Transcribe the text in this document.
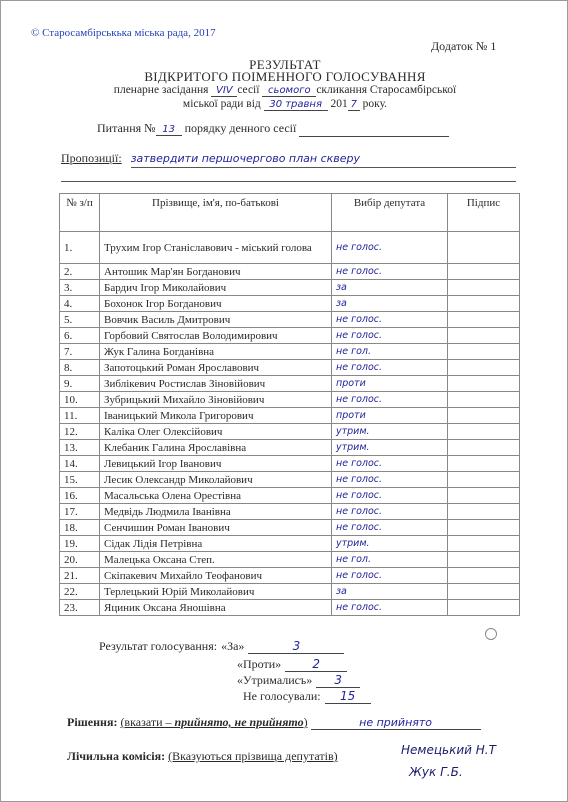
© Старосамбірськька міська рада, 2017
Додаток № 1
РЕЗУЛЬТАТ
ВІДКРИТОГО ПОІМЕННОГО ГОЛОСУВАННЯ
пленарне засідання VIV сесії сьомого скликання Старосамбірської
міської ради від 30 травня 201 7 року.
Питання № 13 порядку денного сесії
Пропозиції: затвердити першочергово план скверу
№ з/п	Прізвище, ім'я, по-батькові	Вибір депутата	Підпис
1.	Трухим Ігор Станіславович - міський голова	не голос.	
2.	Антошик Мар'ян Богданович	не голос.	
3.	Бардич Ігор Миколайович	за	
4.	Бохонок Ігор Богданович	за	
5.	Вовчик Василь Дмитрович	не голос.	
6.	Горбовий Святослав Володимирович	не голос.	
7.	Жук Галина Богданівна	не гол.	
8.	Запотоцький Роман Ярославович	не голос.	
9.	Зиблікевич Ростислав Зіновійович	проти	
10.	Зубрицький Михайло Зіновійович	не голос.	
11.	Іваницький Микола Григорович	проти	
12.	Каліка Олег Олексійович	утрим.	
13.	Клебаник Галина Ярославівна	утрим.	
14.	Левицький Ігор Іванович	не голос.	
15.	Лесик Олександр Миколайович	не голос.	
16.	Масальська Олена Орестівна	не голос.	
17.	Медвідь Людмила Іванівна	не голос.	
18.	Сенчишин Роман Іванович	не голос.	
19.	Сідак Лідія Петрівна	утрим.	
20.	Малецька Оксана Степ.	не гол.	
21.	Скіпакевич Михайло Теофанович	не голос.	
22.	Терлецький Юрій Миколайович	за	
23.	Яциник Оксана Яношівна	не голос.	
Результат голосування: «За»	3
«Проти»	2
«Утрималисъ» 3
Не голосували: 15
Рішення: (вказати – прийнято, не прийнято)	не прийнято
Лічильна комісія: (Вказуються прізвища депутатів)	Немецький Н.Т
Жук Г.Б.
